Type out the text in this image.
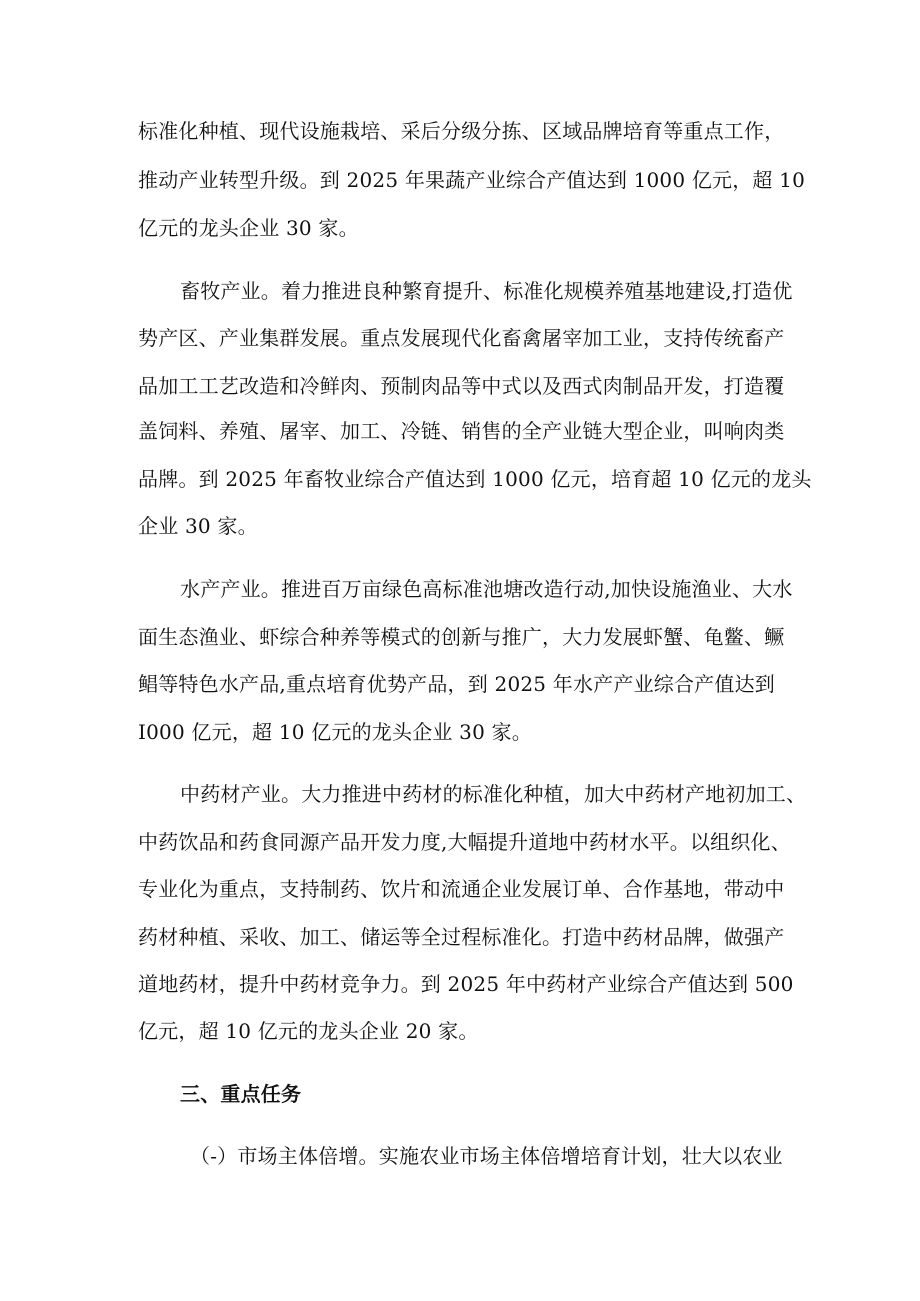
标准化种植、现代设施栽培、采后分级分拣、区域品牌培育等重点工作，
推动产业转型升级。到 2025 年果蔬产业综合产值达到 1000 亿元，超 10
亿元的龙头企业 30 家。
畜牧产业。着力推进良种繁育提升、标准化规模养殖基地建设,打造优
势产区、产业集群发展。重点发展现代化畜禽屠宰加工业，支持传统畜产
品加工工艺改造和冷鲜肉、预制肉品等中式以及西式肉制品开发，打造覆
盖饲料、养殖、屠宰、加工、冷链、销售的全产业链大型企业，叫响肉类
品牌。到 2025 年畜牧业综合产值达到 1000 亿元，培育超 10 亿元的龙头
企业 30 家。
水产产业。推进百万亩绿色高标准池塘改造行动,加快设施渔业、大水
面生态渔业、虾综合种养等模式的创新与推广，大力发展虾蟹、龟鳖、鳜
鲳等特色水产品,重点培育优势产品，到 2025 年水产产业综合产值达到
I000 亿元，超 10 亿元的龙头企业 30 家。
中药材产业。大力推进中药材的标准化种植，加大中药材产地初加工、
中药饮品和药食同源产品开发力度,大幅提升道地中药材水平。以组织化、
专业化为重点，支持制药、饮片和流通企业发展订单、合作基地，带动中
药材种植、采收、加工、储运等全过程标准化。打造中药材品牌，做强产
道地药材，提升中药材竞争力。到 2025 年中药材产业综合产值达到 500
亿元，超 10 亿元的龙头企业 20 家。
三、重点任务
（-）市场主体倍增。实施农业市场主体倍增培育计划，壮大以农业
